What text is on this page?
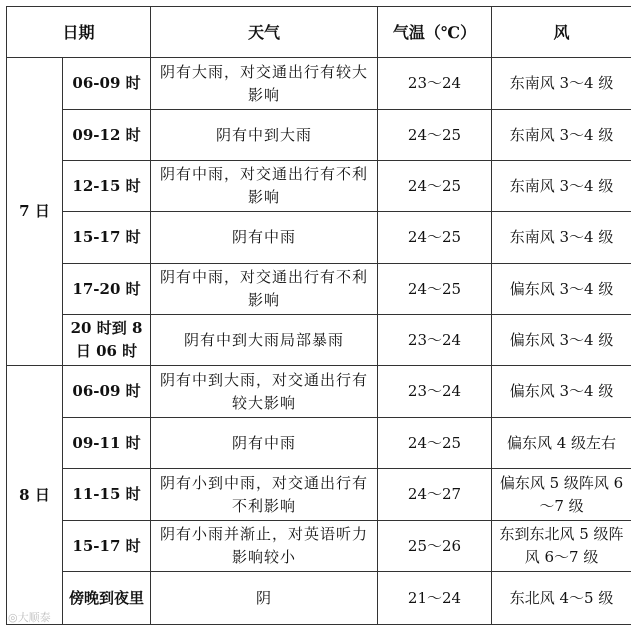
日期		天气	气温（℃）	风
7 日	06-09 时	阴有大雨，对交通出行有较大影响	23～24	东南风 3～4 级
	09-12 时	阴有中到大雨	24～25	东南风 3～4 级
	12-15 时	阴有中雨，对交通出行有不利影响	24～25	东南风 3～4 级
	15-17 时	阴有中雨	24～25	东南风 3～4 级
	17-20 时	阴有中雨，对交通出行有不利影响	24～25	偏东风 3～4 级
	20 时到 8 日 06 时	阴有中到大雨局部暴雨	23～24	偏东风 3～4 级
8 日	06-09 时	阴有中到大雨，对交通出行有较大影响	23～24	偏东风 3～4 级
	09-11 时	阴有中雨	24～25	偏东风 4 级左右
	11-15 时	阴有小到中雨，对交通出行有不利影响	24～27	偏东风 5 级阵风 6～7 级
	15-17 时	阴有小雨并渐止，对英语听力影响较小	25～26	东到东北风 5 级阵风 6～7 级
	傍晚到夜里	阴	21～24	东北风 4～5 级
◎大顺泰
